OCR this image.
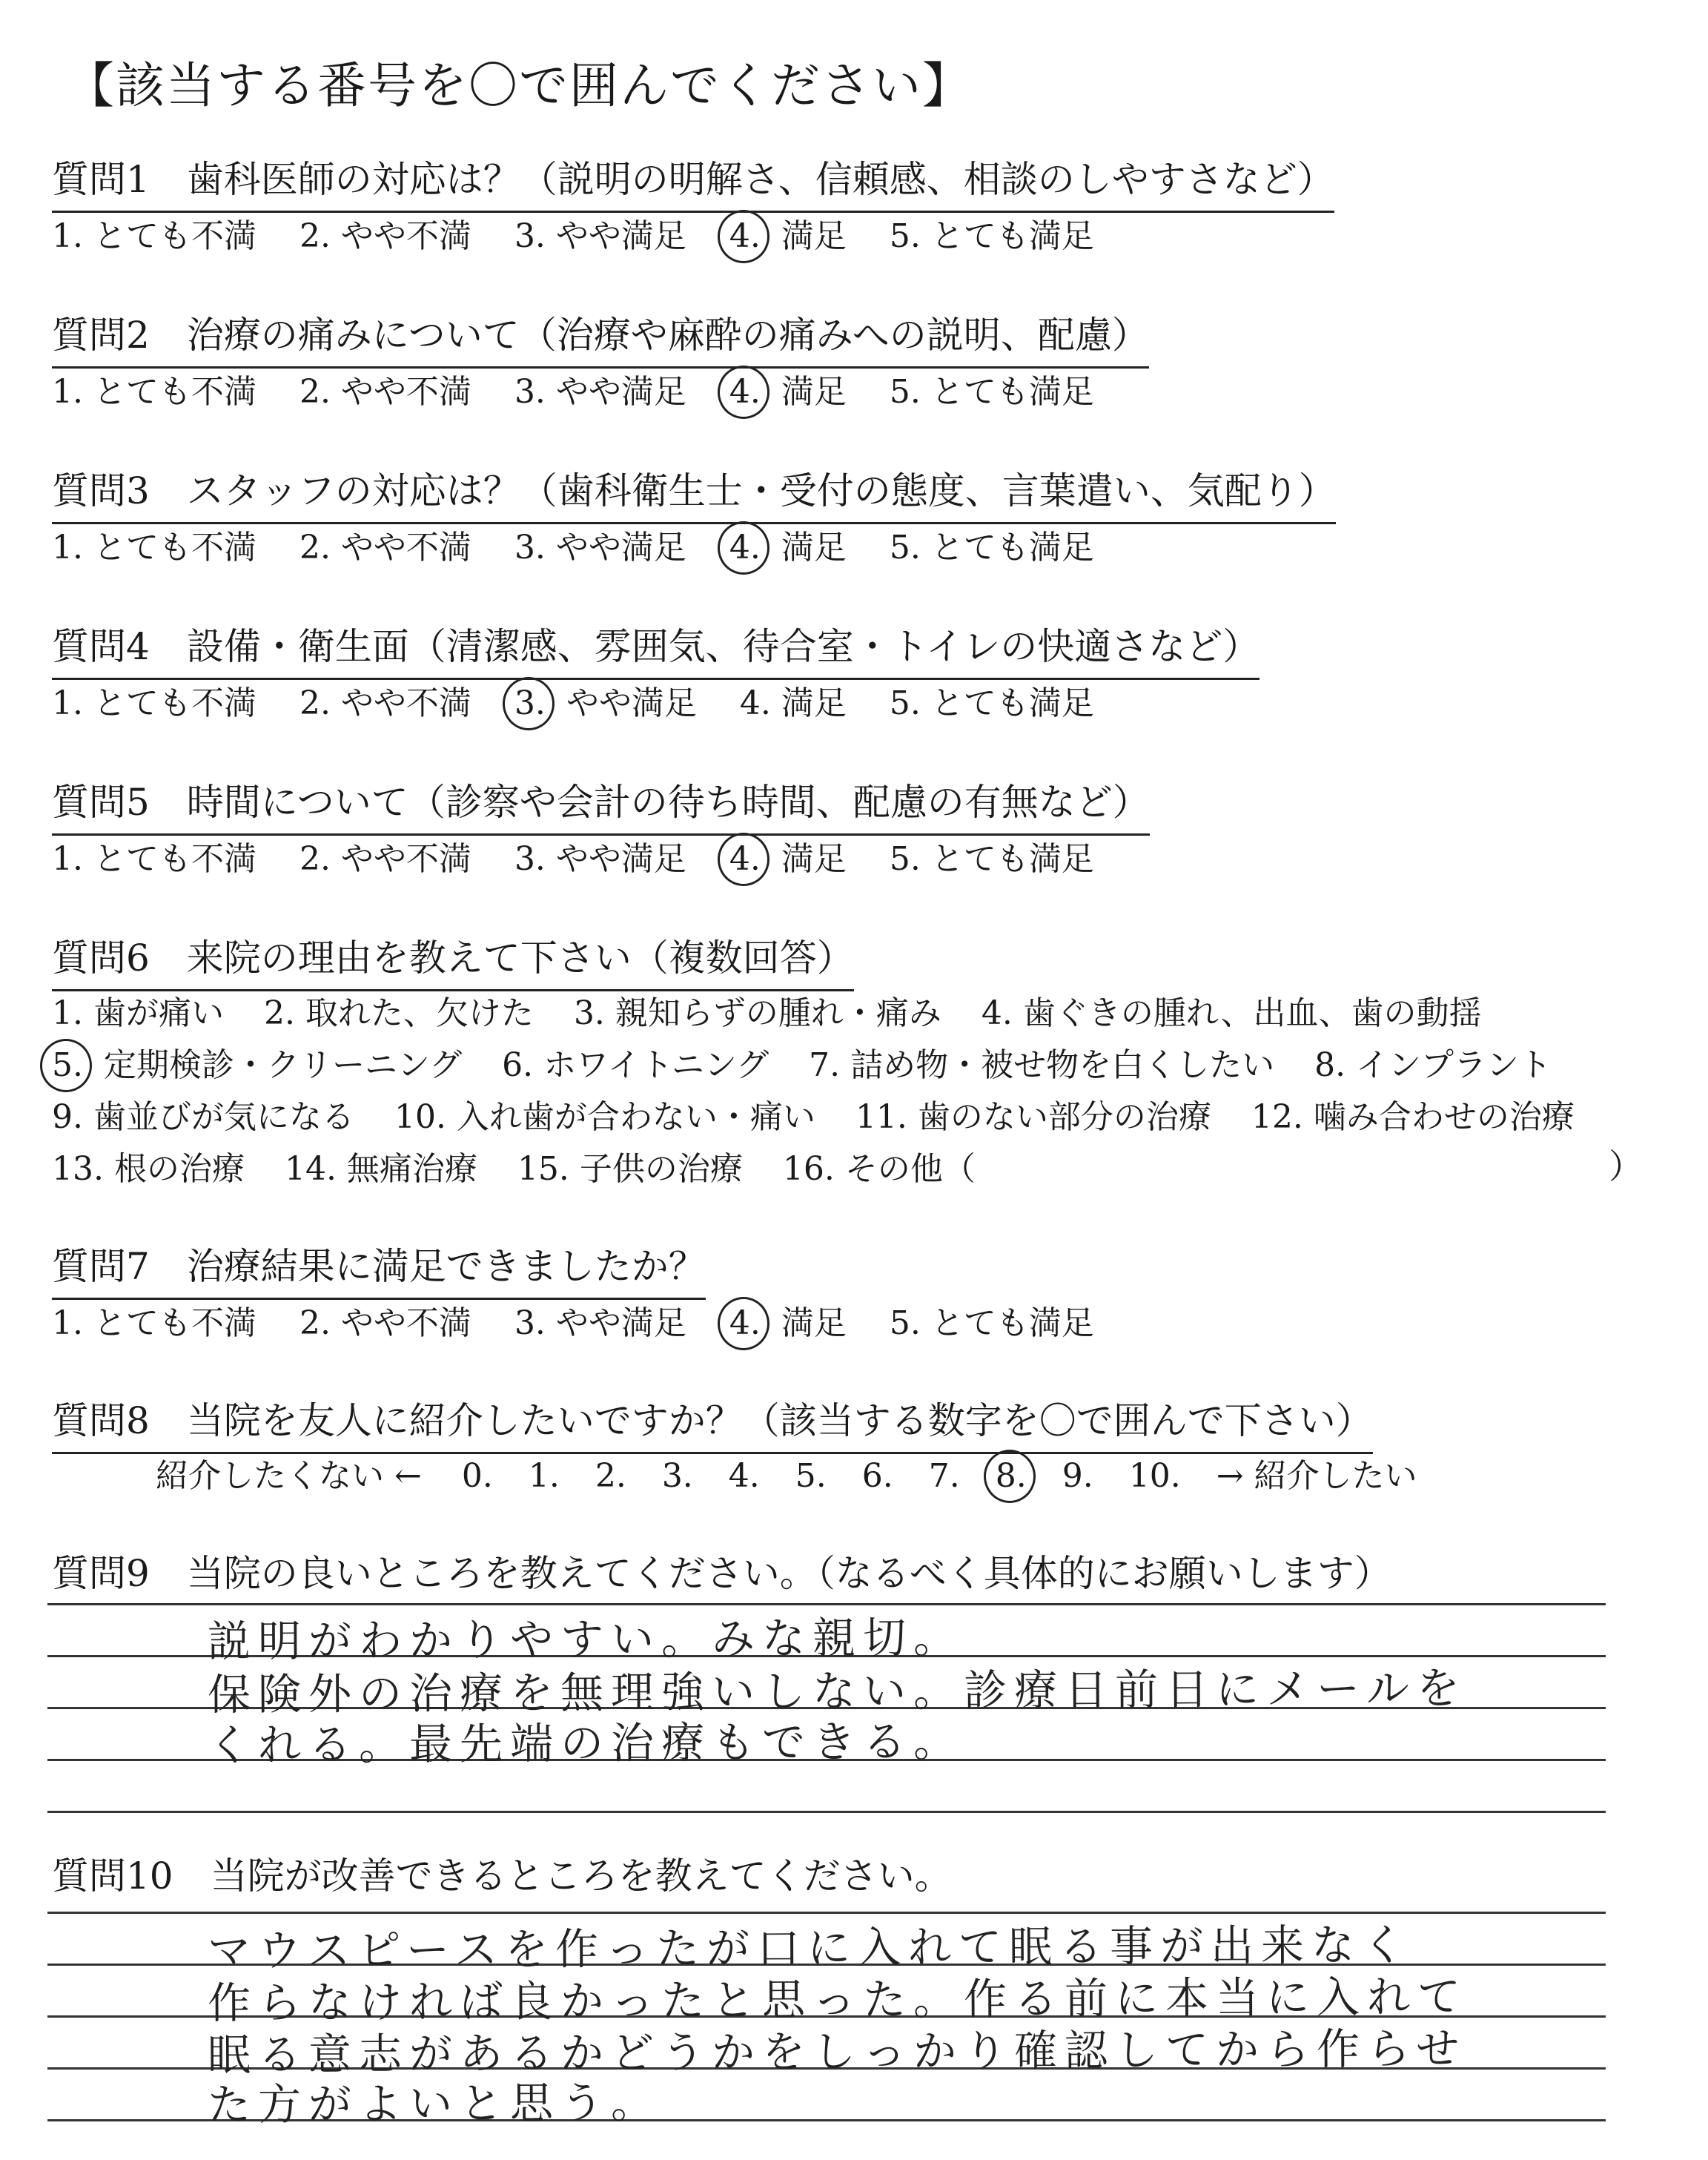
【該当する番号を〇で囲んでください】
質問1　歯科医師の対応は？（説明の明解さ、信頼感、相談のしやすさなど）
1. とても不満 2. やや不満 3. やや満足 4. 満足 5. とても満足
質問2　治療の痛みについて（治療や麻酔の痛みへの説明、配慮）
1. とても不満 2. やや不満 3. やや満足 4. 満足 5. とても満足
質問3　スタッフの対応は？（歯科衛生士・受付の態度、言葉遣い、気配り）
1. とても不満 2. やや不満 3. やや満足 4. 満足 5. とても満足
質問4　設備・衛生面（清潔感、雰囲気、待合室・トイレの快適さなど）
1. とても不満 2. やや不満 3. やや満足 4. 満足 5. とても満足
質問5　時間について（診察や会計の待ち時間、配慮の有無など）
1. とても不満 2. やや不満 3. やや満足 4. 満足 5. とても満足
質問6　来院の理由を教えて下さい（複数回答）
1. 歯が痛い 2. 取れた、欠けた 3. 親知らずの腫れ・痛み 4. 歯ぐきの腫れ、出血、歯の動揺
5. 定期検診・クリーニング 6. ホワイトニング 7. 詰め物・被せ物を白くしたい 8. インプラント
9. 歯並びが気になる 10. 入れ歯が合わない・痛い 11. 歯のない部分の治療 12. 噛み合わせの治療
13. 根の治療 14. 無痛治療 15. 子供の治療 16. その他（	）
質問7　治療結果に満足できましたか？
1. とても不満 2. やや不満 3. やや満足 4. 満足 5. とても満足
質問8　当院を友人に紹介したいですか？（該当する数字を〇で囲んで下さい）
紹介したくない ← 0. 1. 2. 3. 4. 5. 6. 7. 8. 9. 10. → 紹介したい
質問9　当院の良いところを教えてください。（なるべく具体的にお願いします）
説明がわかりやすい。みな親切。
保険外の治療を無理強いしない。診療日前日にメールを
くれる。最先端の治療もできる。
質問10　当院が改善できるところを教えてください。
マウスピースを作ったが口に入れて眠る事が出来なく
作らなければ良かったと思った。作る前に本当に入れて
眠る意志があるかどうかをしっかり確認してから作らせ
た方がよいと思う。
